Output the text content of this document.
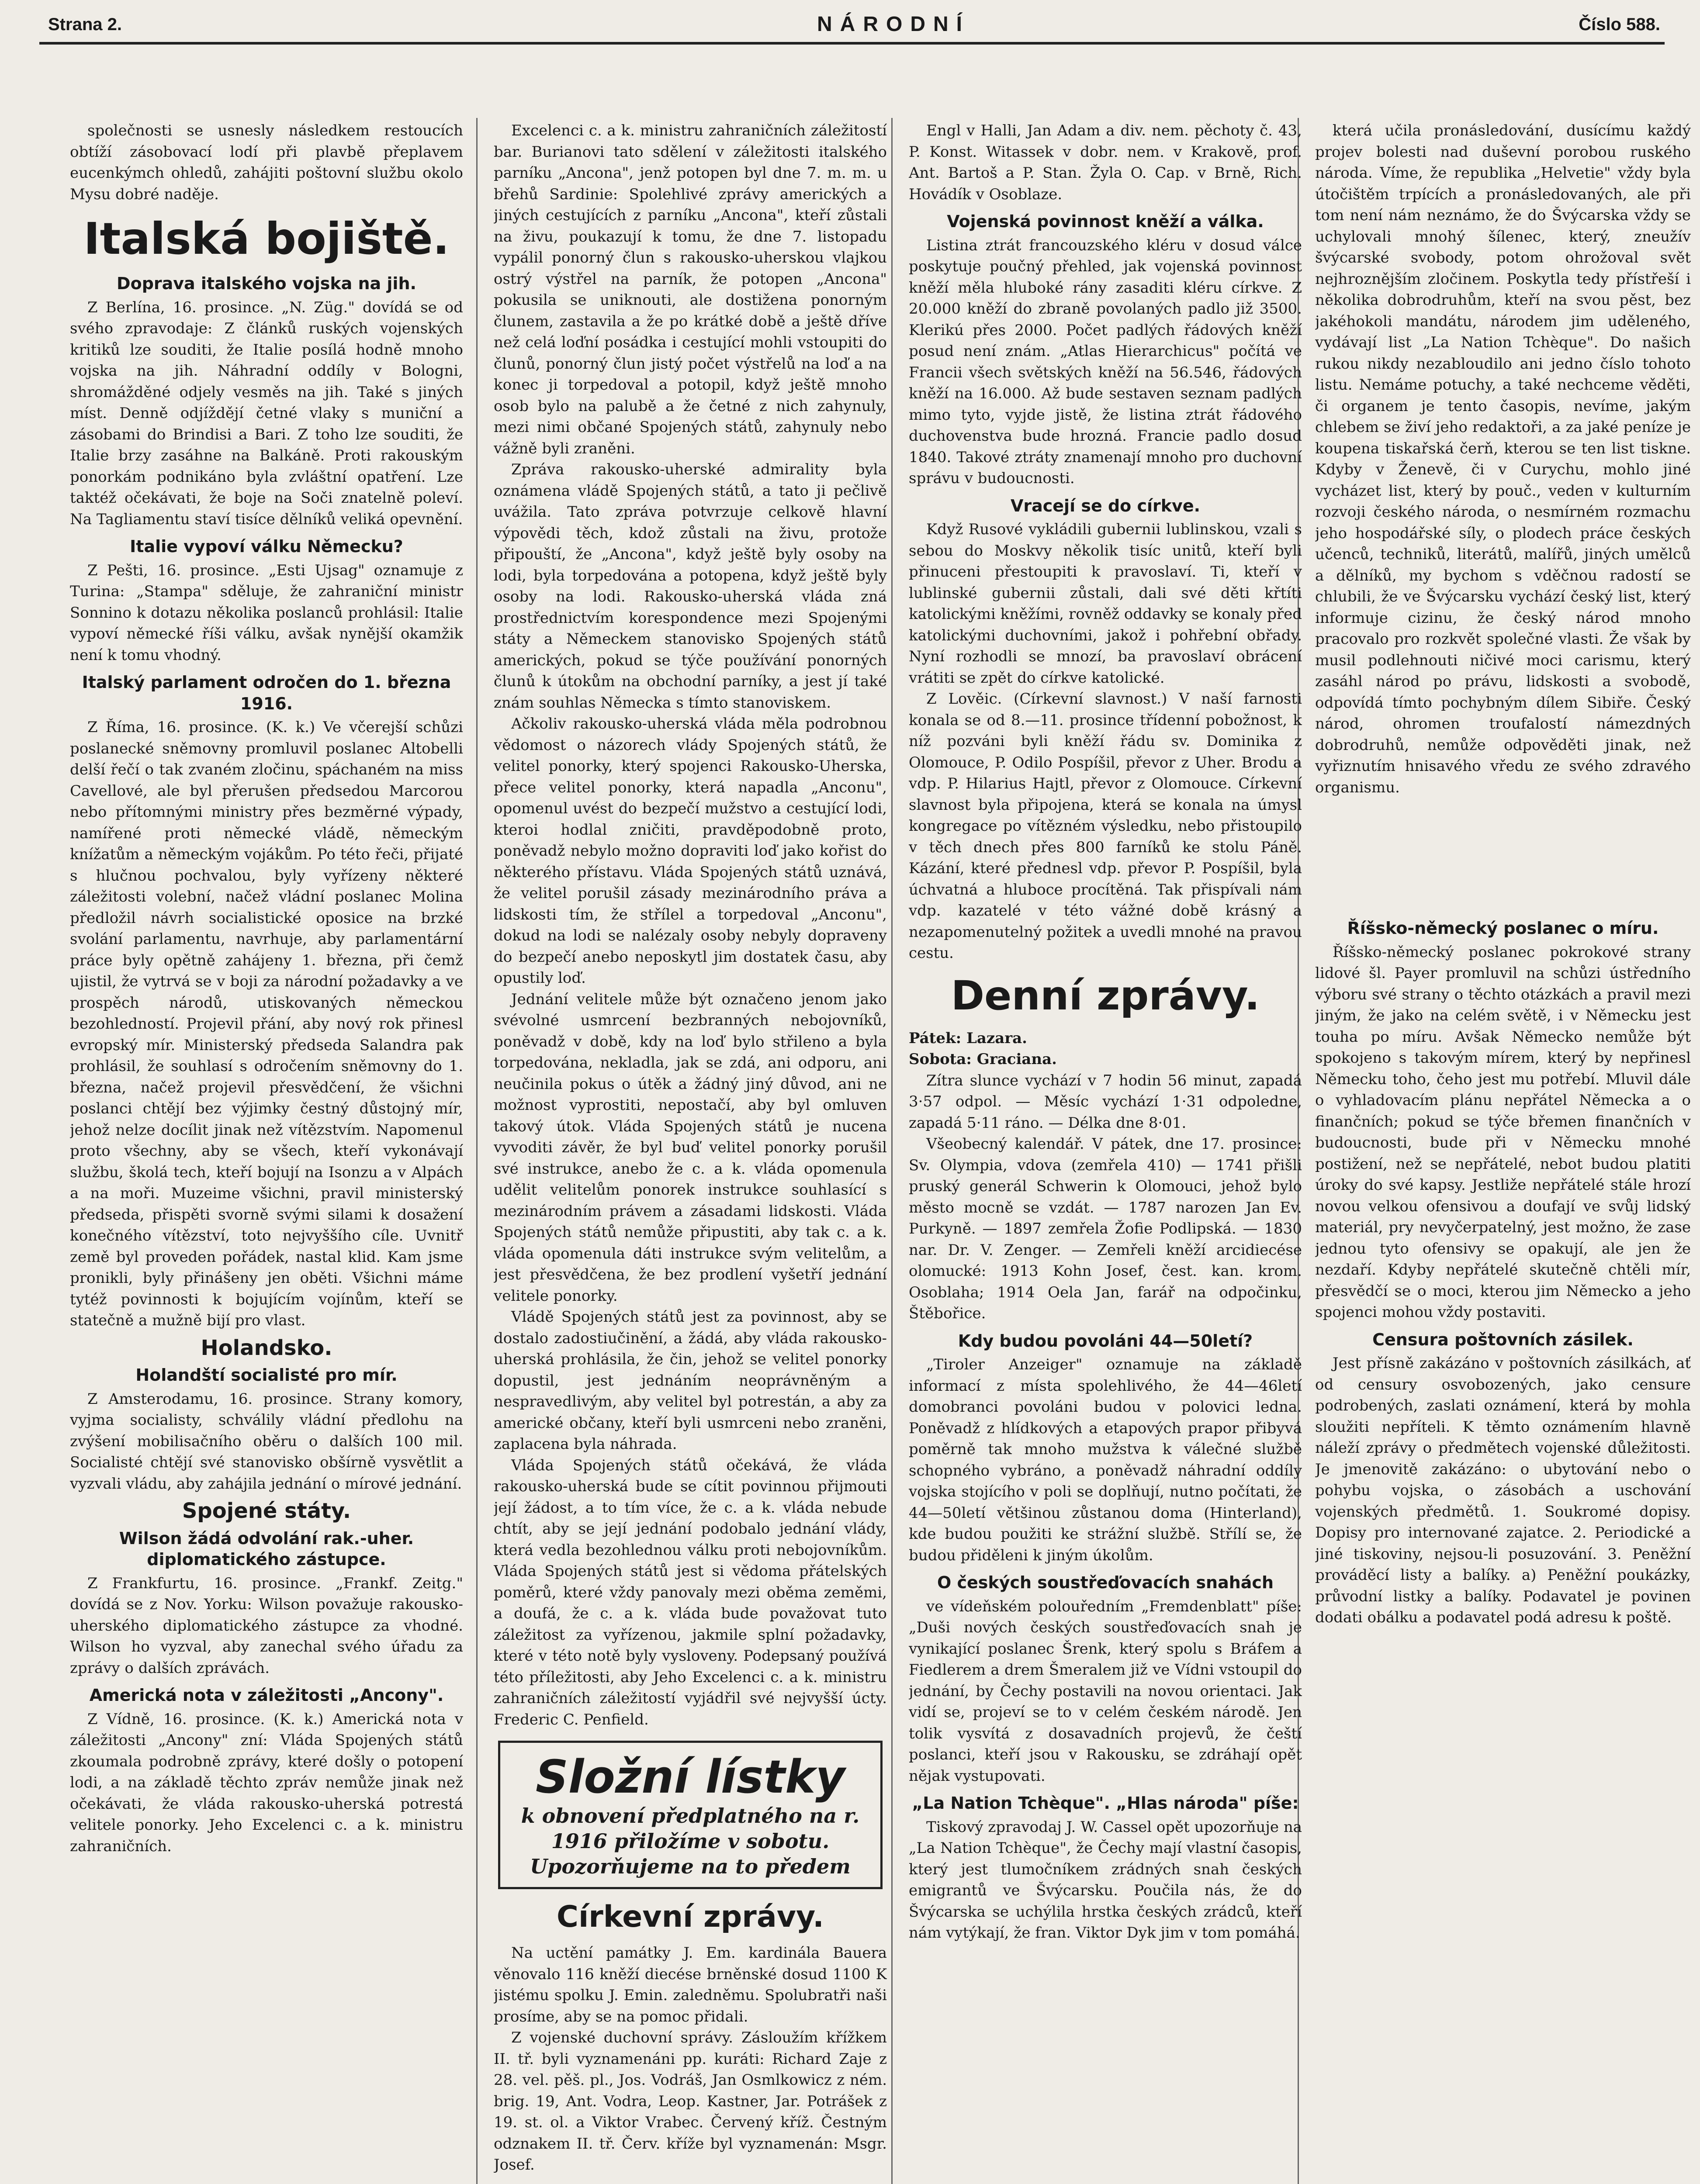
Strana 2.	NÁRODNÍ	Číslo 588.

společnosti se usnesly následkem restoucích obtíží zásobovací lodí při plavbě přeplavem eucenkýmch ohledů, zahájiti poštovní službu okolo Mysu dobré naděje.

Italská bojiště.
Doprava italského vojska na jih.

Z Berlína, 16. prosince. „N. Züg." dovídá se od svého zpravodaje: Z článků ruských vojenských kritiků lze souditi, že Italie posílá hodně mnoho vojska na jih. Náhradní oddíly v Bologni, shromážděné odjely vesměs na jih. Také s jiných míst. Denně odjíždějí četné vlaky s muniční a zásobami do Brindisi a Bari. Z toho lze souditi, že Italie brzy zasáhne na Balkáně. Proti rakouským ponorkám podnikáno byla zvláštní opatření. Lze taktéž očekávati, že boje na Soči znatelně poleví. Na Tagliamentu staví tisíce dělníků veliká opevnění.

Italie vypoví válku Německu?

Z Pešti, 16. prosince. „Esti Ujsag" oznamuje z Turina: „Stampa" sděluje, že zahraniční ministr Sonnino k dotazu několika poslanců prohlásil: Italie vypoví německé říši válku, avšak nynější okamžik není k tomu vhodný.

Italský parlament odročen do 1. března 1916.

Z Říma, 16. prosince. (K. k.) Ve včerejší schůzi poslanecké sněmovny promluvil poslanec Altobelli delší řečí o tak zvaném zločinu, spáchaném na miss Cavellové, ale byl přerušen předsedou Marcorou nebo přítomnými ministry přes bezměrné výpady, namířené proti německé vládě, německým knížatům a německým vojákům. Po této řeči, přijaté s hlučnou pochvalou, byly vyřízeny některé záležitosti volební, načež vládní poslanec Molina předložil návrh socialistické oposice na brzké svolání parlamentu, navrhuje, aby parlamentární práce byly opětně zahájeny 1. března, při čemž ujistil, že vytrvá se v boji za národní požadavky a ve prospěch národů, utiskovaných německou bezohledností. Projevil přání, aby nový rok přinesl evropský mír. Ministerský předseda Salandra pak prohlásil, že souhlasí s odročením sněmovny do 1. března, načež projevil přesvědčení, že všichni poslanci chtějí bez výjimky čestný důstojný mír, jehož nelze docílit jinak než vítězstvím. Napomenul proto všechny, aby se všech, kteří vykonávají službu, školá tech, kteří bojují na Isonzu a v Alpách a na moři. Muzeime všichni, pravil ministerský předseda, přispěti svorně svými silami k dosažení konečného vítězství, toto nejvyššího cíle. Uvnitř země byl proveden pořádek, nastal klid. Kam jsme pronikli, byly přinášeny jen oběti. Všichni máme tytéž povinnosti k bojujícím vojínům, kteří se statečně a mužně bijí pro vlast.

Holandsko.
Holandští socialisté pro mír.

Z Amsterodamu, 16. prosince. Strany komory, vyjma socialisty, schválily vládní předlohu na zvýšení mobilisačního oběru o dalších 100 mil. Socialisté chtějí své stanovisko obšírně vysvětlit a vyzvali vládu, aby zahájila jednání o mírové jednání.

Spojené státy.
Wilson žádá odvolání rak.-uher. diplomatického zástupce.

Z Frankfurtu, 16. prosince. „Frankf. Zeitg." dovídá se z Nov. Yorku: Wilson považuje rakousko-uherského diplomatického zástupce za vhodné. Wilson ho vyzval, aby zanechal svého úřadu za zprávy o dalších zprávách.

Americká nota v záležitosti „Ancony".

Z Vídně, 16. prosince. (K. k.) Americká nota v záležitosti „Ancony" zní: Vláda Spojených států zkoumala podrobně zprávy, které došly o potopení lodi, a na základě těchto zpráv nemůže jinak než očekávati, že vláda rakousko-uherská potrestá velitele ponorky. Jeho Excelenci c. a k. ministru zahraničních.

Excelenci c. a k. ministru zahraničních záležitostí bar. Burianovi tato sdělení v záležitosti italského parníku „Ancona", jenž potopen byl dne 7. m. m. u břehů Sardinie: Spolehlivé zprávy amerických a jiných cestujících z parníku „Ancona", kteří zůstali na živu, poukazují k tomu, že dne 7. listopadu vypálil ponorný člun s rakousko-uherskou vlajkou ostrý výstřel na parník, že potopen „Ancona" pokusila se uniknouti, ale dostižena ponorným člunem, zastavila a že po krátké době a ještě dříve než celá loďní posádka i cestující mohli vstoupiti do člunů, ponorný člun jistý počet výstřelů na loď a na konec ji torpedoval a potopil, když ještě mnoho osob bylo na palubě a že četné z nich zahynuly, mezi nimi občané Spojených států, zahynuly nebo vážně byli zraněni.

Zpráva rakousko-uherské admirality byla oznámena vládě Spojených států, a tato ji pečlivě uvážila. Tato zpráva potvrzuje celkově hlavní výpovědi těch, kdož zůstali na živu, protože připouští, že „Ancona", když ještě byly osoby na lodi, byla torpedována a potopena, když ještě byly osoby na lodi. Rakousko-uherská vláda zná prostřednictvím korespondence mezi Spojenými státy a Německem stanovisko Spojených států amerických, pokud se týče používání ponorných člunů k útokům na obchodní parníky, a jest jí také znám souhlas Německa s tímto stanoviskem.

Ačkoliv rakousko-uherská vláda měla podrobnou vědomost o názorech vlády Spojených států, že velitel ponorky, který spojenci Rakousko-Uherska, přece velitel ponorky, která napadla „Anconu", opomenul uvést do bezpečí mužstvo a cestující lodi, kteroi hodlal zničiti, pravděpodobně proto, poněvadž nebylo možno dopraviti loď jako kořist do některého přístavu. Vláda Spojených států uznává, že velitel porušil zásady mezinárodního práva a lidskosti tím, že střílel a torpedoval „Anconu", dokud na lodi se nalézaly osoby nebyly dopraveny do bezpečí anebo neposkytl jim dostatek času, aby opustily loď.

Jednání velitele může být označeno jenom jako svévolné usmrcení bezbranných nebojovníků, poněvadž v době, kdy na loď bylo střileno a byla torpedována, nekladla, jak se zdá, ani odporu, ani neučinila pokus o útěk a žádný jiný důvod, ani ne možnost vyprostiti, nepostačí, aby byl omluven takový útok. Vláda Spojených států je nucena vyvoditi závěr, že byl buď velitel ponorky porušil své instrukce, anebo že c. a k. vláda opomenula udělit velitelům ponorek instrukce souhlasící s mezinárodním právem a zásadami lidskosti. Vláda Spojených států nemůže připustiti, aby tak c. a k. vláda opomenula dáti instrukce svým velitelům, a jest přesvědčena, že bez prodlení vyšetří jednání velitele ponorky.

Vládě Spojených států jest za povinnost, aby se dostalo zadostiučinění, a žádá, aby vláda rakousko-uherská prohlásila, že čin, jehož se velitel ponorky dopustil, jest jednáním neoprávněným a nespravedlivým, aby velitel byl potrestán, a aby za americké občany, kteří byli usmrceni nebo zraněni, zaplacena byla náhrada.

Vláda Spojených států očekává, že vláda rakousko-uherská bude se cítit povinnou přijmouti její žádost, a to tím více, že c. a k. vláda nebude chtít, aby se její jednání podobalo jednání vlády, která vedla bezohlednou válku proti nebojovníkům. Vláda Spojených států jest si vědoma přátelských poměrů, které vždy panovaly mezi oběma zeměmi, a doufá, že c. a k. vláda bude považovat tuto záležitost za vyřízenou, jakmile splní požadavky, které v této notě byly vysloveny. Podepsaný používá této příležitosti, aby Jeho Excelenci c. a k. ministru zahraničních záležitostí vyjádřil své nejvyšší úcty. Frederic C. Penfield.

Složní lístky
k obnovení předplatného na r. 1916 přiložíme v sobotu. Upozorňujeme na to předem
Církevní zprávy.

Na uctění památky J. Em. kardinála Bauera věnovalo 116 kněží diecése brněnské dosud 1100 K jistému spolku J. Emin. zaledněmu. Spolubratři naši prosíme, aby se na pomoc přidali.

Z vojenské duchovní správy. Zásloužím křížkem II. tř. byli vyznamenáni pp. kuráti: Richard Zaje z 28. vel. pěš. pl., Jos. Vodráš, Jan Osmlkowicz z ném. brig. 19, Ant. Vodra, Leop. Kastner, Jar. Potrášek z 19. st. ol. a Viktor Vrabec. Červený kříž. Čestným odznakem II. tř. Červ. kříže byl vyznamenán: Msgr. Josef.

Engl v Halli, Jan Adam a div. nem. pěchoty č. 43, P. Konst. Witassek v dobr. nem. v Krakově, prof. Ant. Bartoš a P. Stan. Žyla O. Cap. v Brně, Rich. Hovádík v Osoblaze.

Vojenská povinnost kněží a válka.

Listina ztrát francouzského kléru v dosud válce poskytuje poučný přehled, jak vojenská povinnost kněží měla hluboké rány zasaditi kléru církve. Z 20.000 kněží do zbraně povolaných padlo již 3500. Klerikú přes 2000. Počet padlých řádových kněží posud není znám. „Atlas Hierarchicus" počítá ve Francii všech světských kněží na 56.546, řádových kněží na 16.000. Až bude sestaven seznam padlých mimo tyto, vyjde jistě, že listina ztrát řádového duchovenstva bude hrozná. Francie padlo dosud 1840. Takové ztráty znamenají mnoho pro duchovní správu v budoucnosti.

Vracejí se do církve.

Když Rusové vykládili gubernii lublinskou, vzali s sebou do Moskvy několik tisíc unitů, kteří byli přinuceni přestoupiti k pravoslaví. Ti, kteří v lublinské gubernii zůstali, dali své děti křtíti katolickými kněžími, rovněž oddavky se konaly před katolickými duchovními, jakož i pohřební obřady. Nyní rozhodli se mnozí, ba pravoslaví obrácení vrátiti se zpět do církve katolické.

Z Lověic. (Církevní slavnost.) V naší farnosti konala se od 8.—11. prosince třídenní pobožnost, k níž pozváni byli kněží řádu sv. Dominika z Olomouce, P. Odilo Pospíšil, převor z Uher. Brodu a vdp. P. Hilarius Hajtl, převor z Olomouce. Církevní slavnost byla připojena, která se konala na úmysl kongregace po vítězném výsledku, nebo přistoupilo v těch dnech přes 800 farníků ke stolu Páně. Kázání, které přednesl vdp. převor P. Pospíšil, byla úchvatná a hluboce procítěná. Tak přispívali nám vdp. kazatelé v této vážné době krásný a nezapomenutelný požitek a uvedli mnohé na pravou cestu.

Denní zprávy.

Pátek: Lazara.

Sobota: Graciana.

Zítra slunce vychází v 7 hodin 56 minut, zapadá 3·57 odpol. — Měsíc vychází 1·31 odpoledne, zapadá 5·11 ráno. — Délka dne 8·01.

Všeobecný kalendář. V pátek, dne 17. prosince: Sv. Olympia, vdova (zemřela 410) — 1741 přišli pruský generál Schwerin k Olomouci, jehož bylo město mocně se vzdát. — 1787 narozen Jan Ev. Purkyně. — 1897 zemřela Žofie Podlipská. — 1830 nar. Dr. V. Zenger. — Zemřeli kněží arcidiecése olomucké: 1913 Kohn Josef, čest. kan. krom. Osoblaha; 1914 Oela Jan, farář na odpočinku, Štěbořice.

Kdy budou povoláni 44—50letí?

„Tiroler Anzeiger" oznamuje na základě informací z místa spolehlivého, že 44—46letí domobranci povoláni budou v polovici ledna. Poněvadž z hlídkových a etapových prapor přibyvá poměrně tak mnoho mužstva k válečné službě schopného vybráno, a poněvadž náhradní oddíly vojska stojícího v poli se doplňují, nutno počítati, že 44—50letí většinou zůstanou doma (Hinterland), kde budou použiti ke strážní službě. Střílí se, že budou přiděleni k jiným úkolům.

O českých soustřeďovacích snahách

ve vídeňském polouředním „Fremdenblatt" píše: „Duši nových českých soustřeďovacích snah je vynikající poslanec Šrenk, který spolu s Bráfem a Fiedlerem a drem Šmeralem již ve Vídni vstoupil do jednání, by Čechy postavili na novou orientaci. Jak vidí se, projeví se to v celém českém národě. Jen tolik vysvítá z dosavadních projevů, že čeští poslanci, kteří jsou v Rakousku, se zdráhají opět nějak vystupovati.

„La Nation Tchèque". „Hlas národa" píše:

Tiskový zpravodaj J. W. Cassel opět upozorňuje na „La Nation Tchèque", že Čechy mají vlastní časopis, který jest tlumočníkem zrádných snah českých emigrantů ve Švýcarsku. Poučila nás, že do Švýcarska se uchýlila hrstka českých zrádců, kteří nám vytýkají, že fran. Viktor Dyk jim v tom pomáhá.

která učila pronásledování, dusícímu každý projev bolesti nad duševní porobou ruského národa. Víme, že republika „Helvetie" vždy byla útočištěm trpících a pronásledovaných, ale při tom není nám neznámo, že do Švýcarska vždy se uchylovali mnohý šílenec, který, zneužív švýcarské svobody, potom ohrožoval svět nejhroznějším zločinem. Poskytla tedy přístřeší i několika dobrodruhům, kteří na svou pěst, bez jakéhokoli mandátu, národem jim uděleného, vydávají list „La Nation Tchèque". Do našich rukou nikdy nezabloudilo ani jedno číslo tohoto listu. Nemáme potuchy, a také nechceme věděti, či organem je tento časopis, nevíme, jakým chlebem se živí jeho redaktoři, a za jaké peníze je koupena tiskařská čerň, kterou se ten list tiskne. Kdyby v Ženevě, či v Curychu, mohlo jiné vycházet list, který by pouč., veden v kulturním rozvoji českého národa, o nesmírném rozmachu jeho hospodářské síly, o plodech práce českých učenců, techniků, literátů, malířů, jiných umělců a dělníků, my bychom s vděčnou radostí se chlubili, že ve Švýcarsku vychází český list, který informuje cizinu, že český národ mnoho pracovalo pro rozkvět společné vlasti. Že však by musil podlehnouti ničivé moci carismu, který zasáhl národ po právu, lidskosti a svobodě, odpovídá tímto pochybným dílem Sibiře. Český národ, ohromen troufalostí námezdných dobrodruhů, nemůže odpověděti jinak, než vyřiznutím hnisavého vředu ze svého zdravého organismu.

Říšsko-německý poslanec o míru.

Říšsko-německý poslanec pokrokové strany lidové šl. Payer promluvil na schůzi ústředního výboru své strany o těchto otázkách a pravil mezi jiným, že jako na celém světě, i v Německu jest touha po míru. Avšak Německo nemůže být spokojeno s takovým mírem, který by nepřinesl Německu toho, čeho jest mu potřebí. Mluvil dále o vyhladovacím plánu nepřátel Německa a o finančních; pokud se týče břemen finančních v budoucnosti, bude při v Německu mnohé postižení, než se nepřátelé, nebot budou platiti úroky do své kapsy. Jestliže nepřátelé stále hrozí novou velkou ofensivou a doufají ve svůj lidský materiál, pry nevyčerpatelný, jest možno, že zase jednou tyto ofensivy se opakují, ale jen že nezdaří. Kdyby nepřátelé skutečně chtěli mír, přesvědčí se o moci, kterou jim Německo a jeho spojenci mohou vždy postaviti.

Censura poštovních zásilek.

Jest přísně zakázáno v poštovních zásilkách, ať od censury osvobozených, jako censure podrobených, zaslati oznámení, která by mohla sloužiti nepříteli. K těmto oznámením hlavně náleží zprávy o předmětech vojenské důležitosti. Je jmenovitě zakázáno: o ubytování nebo o pohybu vojska, o zásobách a uschování vojenských předmětů. 1. Soukromé dopisy. Dopisy pro internované zajatce. 2. Periodické a jiné tiskoviny, nejsou-li posuzování. 3. Peněžní prováděcí listy a balíky. a) Peněžní poukázky, průvodní listky a balíky. Podavatel je povinen dodati obálku a podavatel podá adresu k poště.
